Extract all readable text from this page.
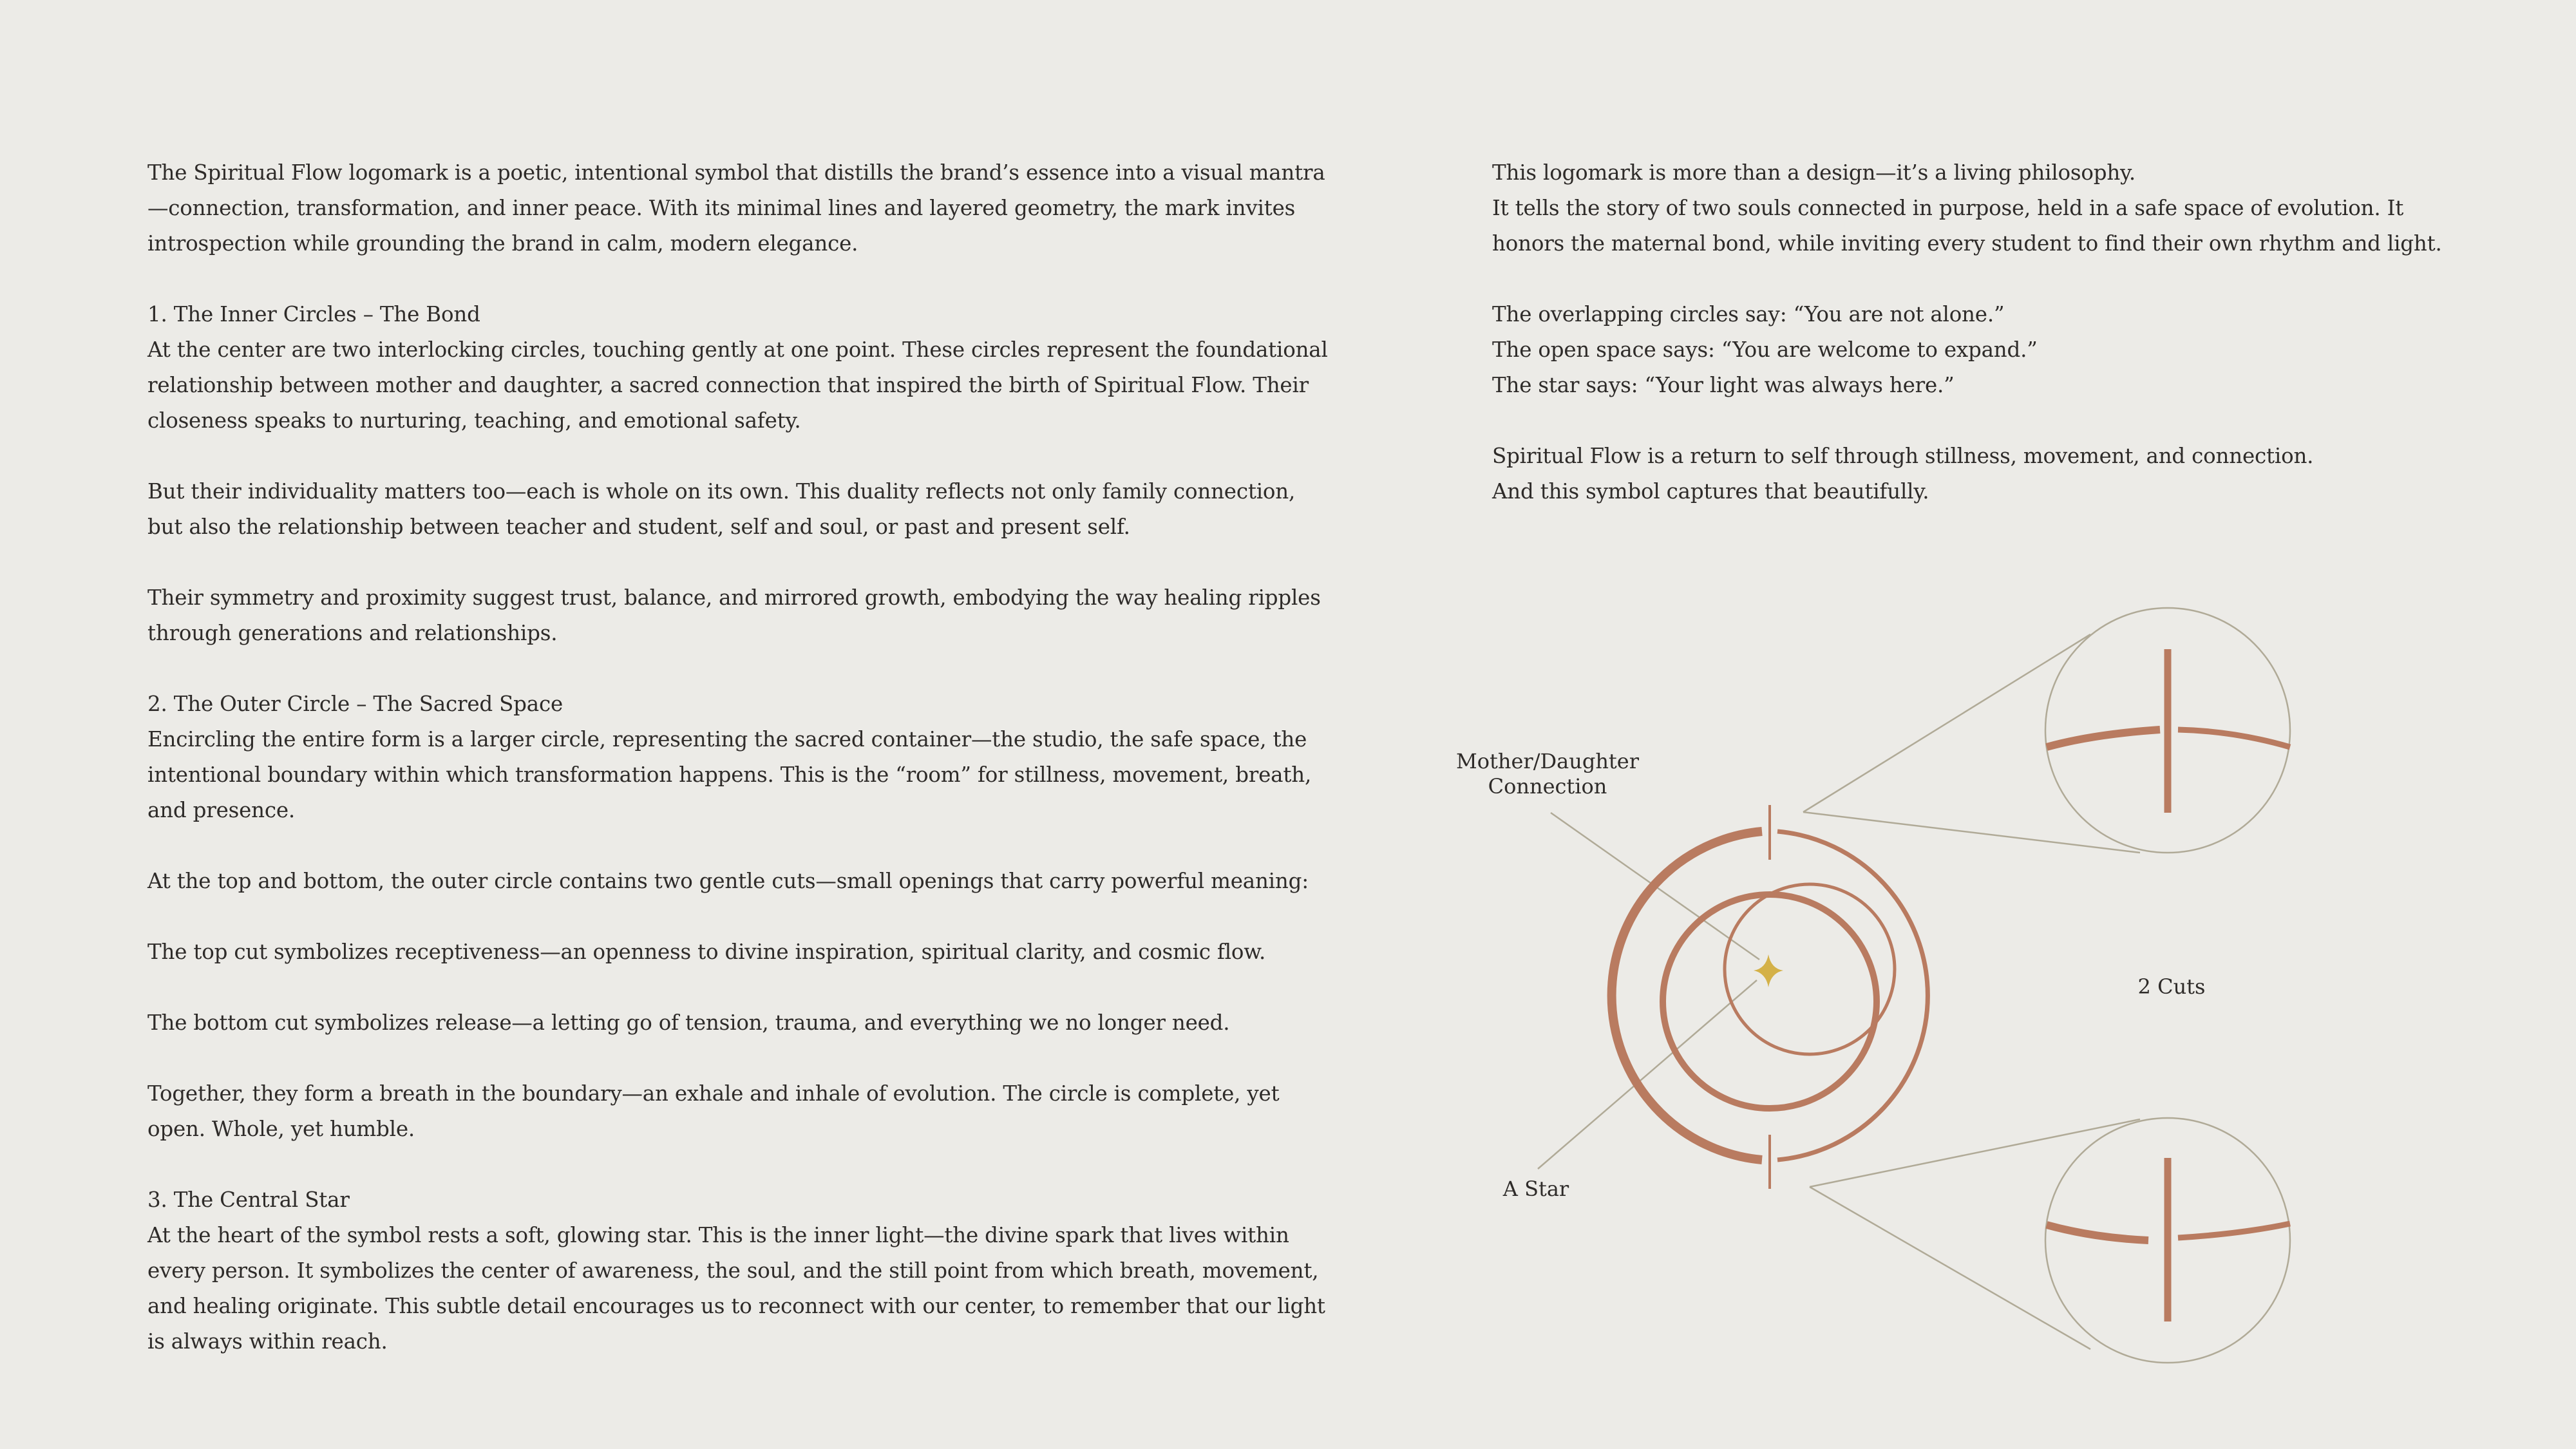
The Spiritual Flow logomark is a poetic, intentional symbol that distills the brand’s essence into a visual mantra—connection, transformation, and inner peace. With its minimal lines and layered geometry, the mark invites introspection while grounding the brand in calm, modern elegance.

1. The Inner Circles – The Bond
At the center are two interlocking circles, touching gently at one point. These circles represent the foundational relationship between mother and daughter, a sacred connection that inspired the birth of Spiritual Flow. Their closeness speaks to nurturing, teaching, and emotional safety.

But their individuality matters too—each is whole on its own. This duality reflects not only family connection, but also the relationship between teacher and student, self and soul, or past and present self.

Their symmetry and proximity suggest trust, balance, and mirrored growth, embodying the way healing ripples through generations and relationships.

2. The Outer Circle – The Sacred Space
Encircling the entire form is a larger circle, representing the sacred container—the studio, the safe space, the intentional boundary within which transformation happens. This is the “room” for stillness, movement, breath, and presence.

At the top and bottom, the outer circle contains two gentle cuts—small openings that carry powerful meaning:

The top cut symbolizes receptiveness—an openness to divine inspiration, spiritual clarity, and cosmic flow.

The bottom cut symbolizes release—a letting go of tension, trauma, and everything we no longer need.

Together, they form a breath in the boundary—an exhale and inhale of evolution. The circle is complete, yet open. Whole, yet humble.

3. The Central Star
At the heart of the symbol rests a soft, glowing star. This is the inner light—the divine spark that lives within every person. It symbolizes the center of awareness, the soul, and the still point from which breath, movement, and healing originate. This subtle detail encourages us to reconnect with our center, to remember that our light is always within reach.

This logomark is more than a design—it’s a living philosophy.
It tells the story of two souls connected in purpose, held in a safe space of evolution. It honors the maternal bond, while inviting every student to find their own rhythm and light.

The overlapping circles say: “You are not alone.”
The open space says: “You are welcome to expand.”
The star says: “Your light was always here.”

Spiritual Flow is a return to self through stillness, movement, and connection.
And this symbol captures that beautifully.

Mother/Daughter
Connection
A Star
2 Cuts
